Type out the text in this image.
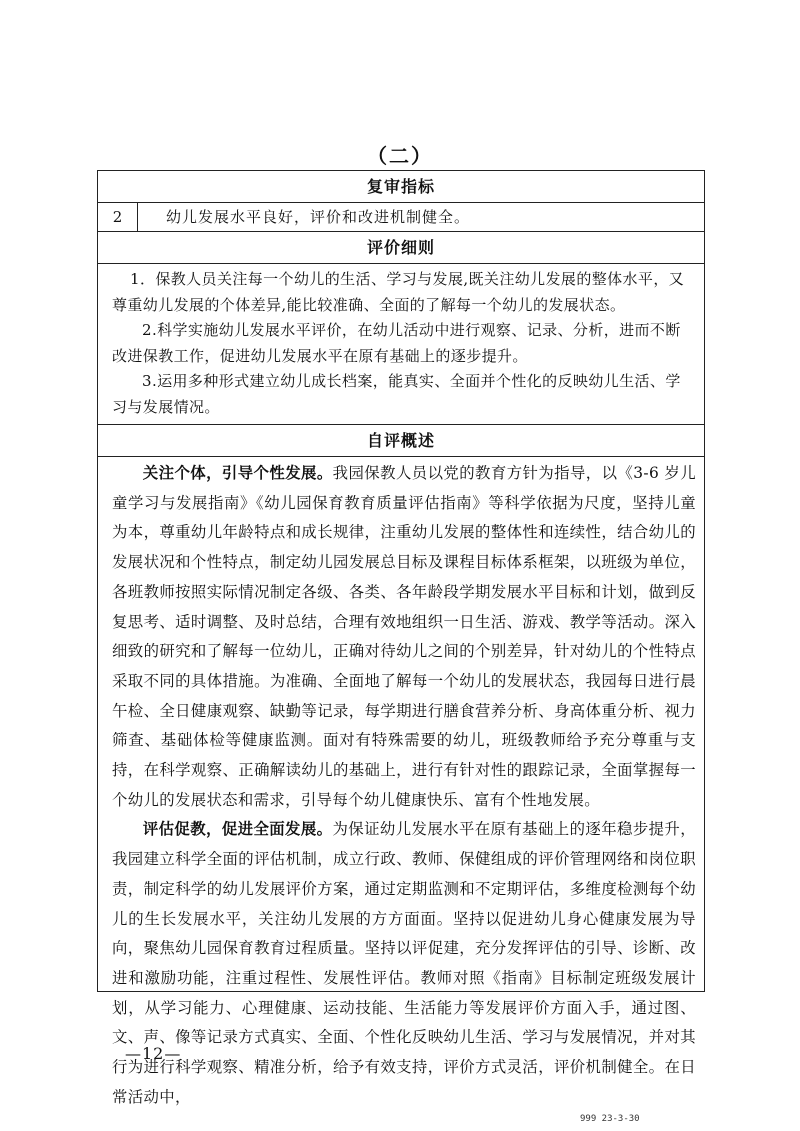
（二）
复审指标
2	幼儿发展水平良好，评价和改进机制健全。
评价细则

1．保教人员关注每一个幼儿的生活、学习与发展,既关注幼儿发展的整体水平，又尊重幼儿发展的个体差异,能比较准确、全面的了解每一个幼儿的发展状态。

2.科学实施幼儿发展水平评价，在幼儿活动中进行观察、记录、分析，进而不断改进保教工作，促进幼儿发展水平在原有基础上的逐步提升。

3.运用多种形式建立幼儿成长档案，能真实、全面并个性化的反映幼儿生活、学习与发展情况。

自评概述

关注个体，引导个性发展。我园保教人员以党的教育方针为指导，以《3-6 岁儿童学习与发展指南》《幼儿园保育教育质量评估指南》等科学依据为尺度，坚持儿童为本，尊重幼儿年龄特点和成长规律，注重幼儿发展的整体性和连续性，结合幼儿的发展状况和个性特点，制定幼儿园发展总目标及课程目标体系框架，以班级为单位，各班教师按照实际情况制定各级、各类、各年龄段学期发展水平目标和计划，做到反复思考、适时调整、及时总结，合理有效地组织一日生活、游戏、教学等活动。深入细致的研究和了解每一位幼儿，正确对待幼儿之间的个别差异，针对幼儿的个性特点采取不同的具体措施。为准确、全面地了解每一个幼儿的发展状态，我园每日进行晨午检、全日健康观察、缺勤等记录，每学期进行膳食营养分析、身高体重分析、视力筛查、基础体检等健康监测。面对有特殊需要的幼儿，班级教师给予充分尊重与支持，在科学观察、正确解读幼儿的基础上，进行有针对性的跟踪记录，全面掌握每一个幼儿的发展状态和需求，引导每个幼儿健康快乐、富有个性地发展。

评估促教，促进全面发展。为保证幼儿发展水平在原有基础上的逐年稳步提升，我园建立科学全面的评估机制，成立行政、教师、保健组成的评价管理网络和岗位职责，制定科学的幼儿发展评价方案，通过定期监测和不定期评估，多维度检测每个幼儿的生长发展水平，关注幼儿发展的方方面面。坚持以促进幼儿身心健康发展为导向，聚焦幼儿园保育教育过程质量。坚持以评促建，充分发挥评估的引导、诊断、改进和激励功能，注重过程性、发展性评估。教师对照《指南》目标制定班级发展计划，从学习能力、心理健康、运动技能、生活能力等发展评价方面入手，通过图、文、声、像等记录方式真实、全面、个性化反映幼儿生活、学习与发展情况，并对其行为进行科学观察、精准分析，给予有效支持，评价方式灵活，评价机制健全。在日常活动中，

—12—
999 23-3-30
